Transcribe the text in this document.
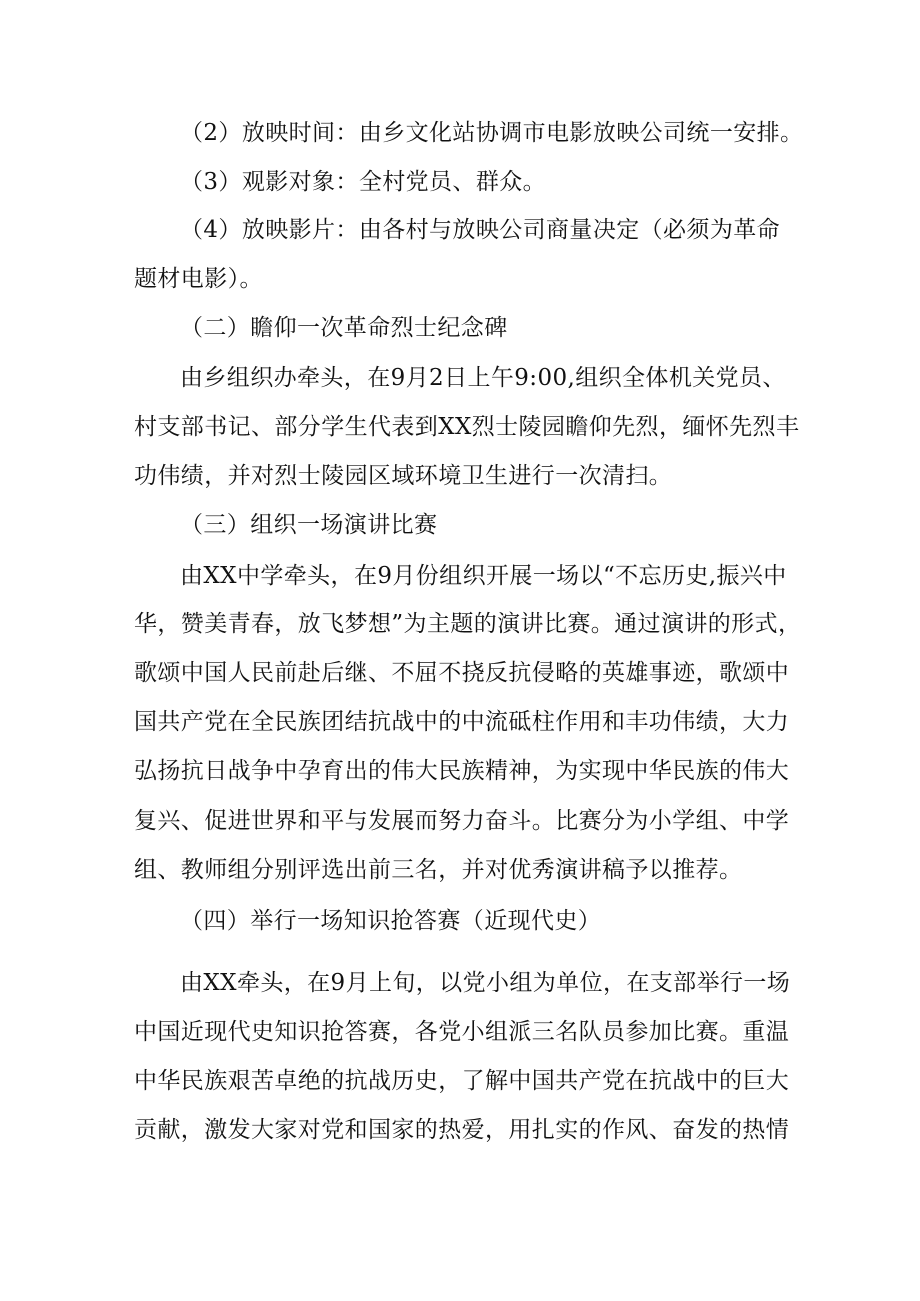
（2）放映时间：由乡文化站协调市电影放映公司统一安排。
（3）观影对象：全村党员、群众。
（4）放映影片：由各村与放映公司商量决定（必须为革命
题材电影）。
（二）瞻仰一次革命烈士纪念碑
由乡组织办牵头，在9月2日上午9:00,组织全体机关党员、
村支部书记、部分学生代表到XX烈士陵园瞻仰先烈，缅怀先烈丰
功伟绩，并对烈士陵园区域环境卫生进行一次清扫。
（三）组织一场演讲比赛
由XX中学牵头，在9月份组织开展一场以“不忘历史,振兴中
华，赞美青春，放飞梦想”为主题的演讲比赛。通过演讲的形式，
歌颂中国人民前赴后继、不屈不挠反抗侵略的英雄事迹，歌颂中
国共产党在全民族团结抗战中的中流砥柱作用和丰功伟绩，大力
弘扬抗日战争中孕育出的伟大民族精神，为实现中华民族的伟大
复兴、促进世界和平与发展而努力奋斗。比赛分为小学组、中学
组、教师组分别评选出前三名，并对优秀演讲稿予以推荐。
（四）举行一场知识抢答赛（近现代史）
由XX牵头，在9月上旬，以党小组为单位，在支部举行一场
中国近现代史知识抢答赛，各党小组派三名队员参加比赛。重温
中华民族艰苦卓绝的抗战历史，了解中国共产党在抗战中的巨大
贡献，激发大家对党和国家的热爱，用扎实的作风、奋发的热情
